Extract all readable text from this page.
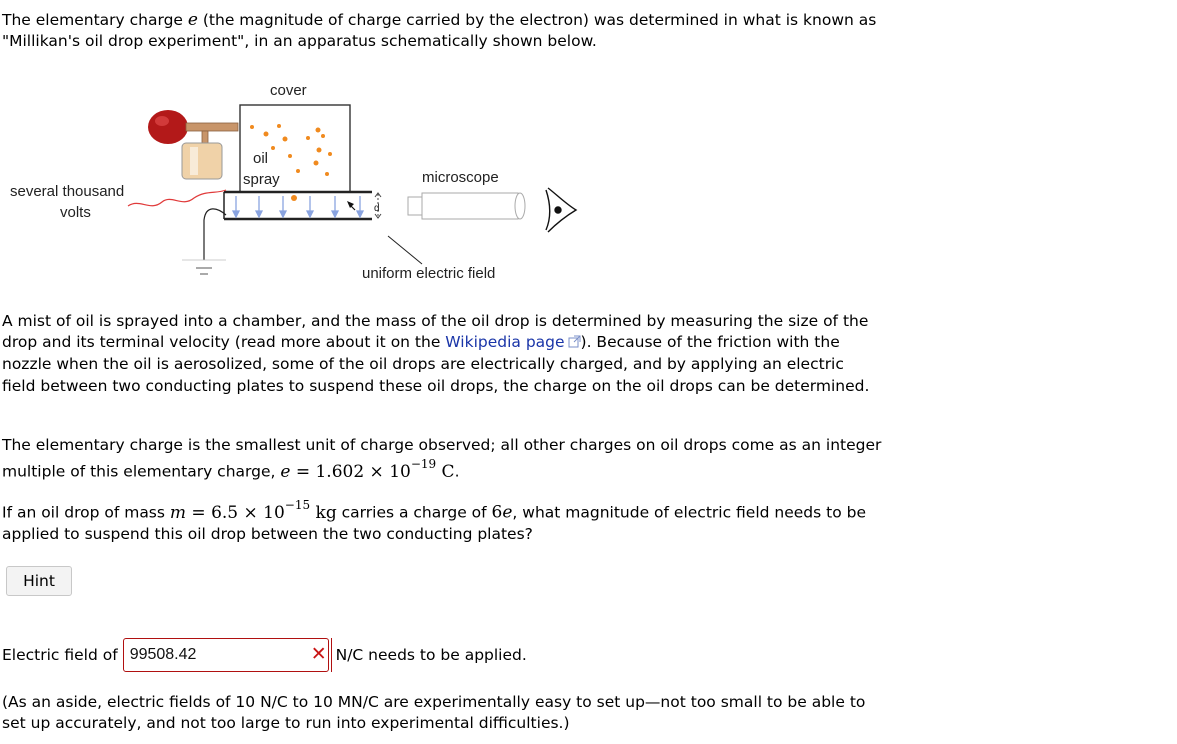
The elementary charge e (the magnitude of charge carried by the electron) was determined in what is known as "Millikan's oil drop experiment", in an apparatus schematically shown below.

cover
oil
spray
d
uniform electric field
several thousand
volts
microscope

A mist of oil is sprayed into a chamber, and the mass of the oil drop is determined by measuring the size of the drop and its terminal velocity (read more about it on the Wikipedia page ). Because of the friction with the nozzle when the oil is aerosolized, some of the oil drops are electrically charged, and by applying an electric field between two conducting plates to suspend these oil drops, the charge on the oil drops can be determined.

The elementary charge is the smallest unit of charge observed; all other charges on oil drops come as an integer multiple of this elementary charge, $e = 1.602 \times 10^{-19}$ C.

If an oil drop of mass $m = 6.5 \times 10^{-15}$ kg carries a charge of 6e, what magnitude of electric field needs to be applied to suspend this oil drop between the two conducting plates?

Hint
Electric field of
99508.42	✕ N/C needs to be applied.

(As an aside, electric fields of 10 N/C to 10 MN/C are experimentally easy to set up—not too small to be able to set up accurately, and not too large to run into experimental difficulties.)
